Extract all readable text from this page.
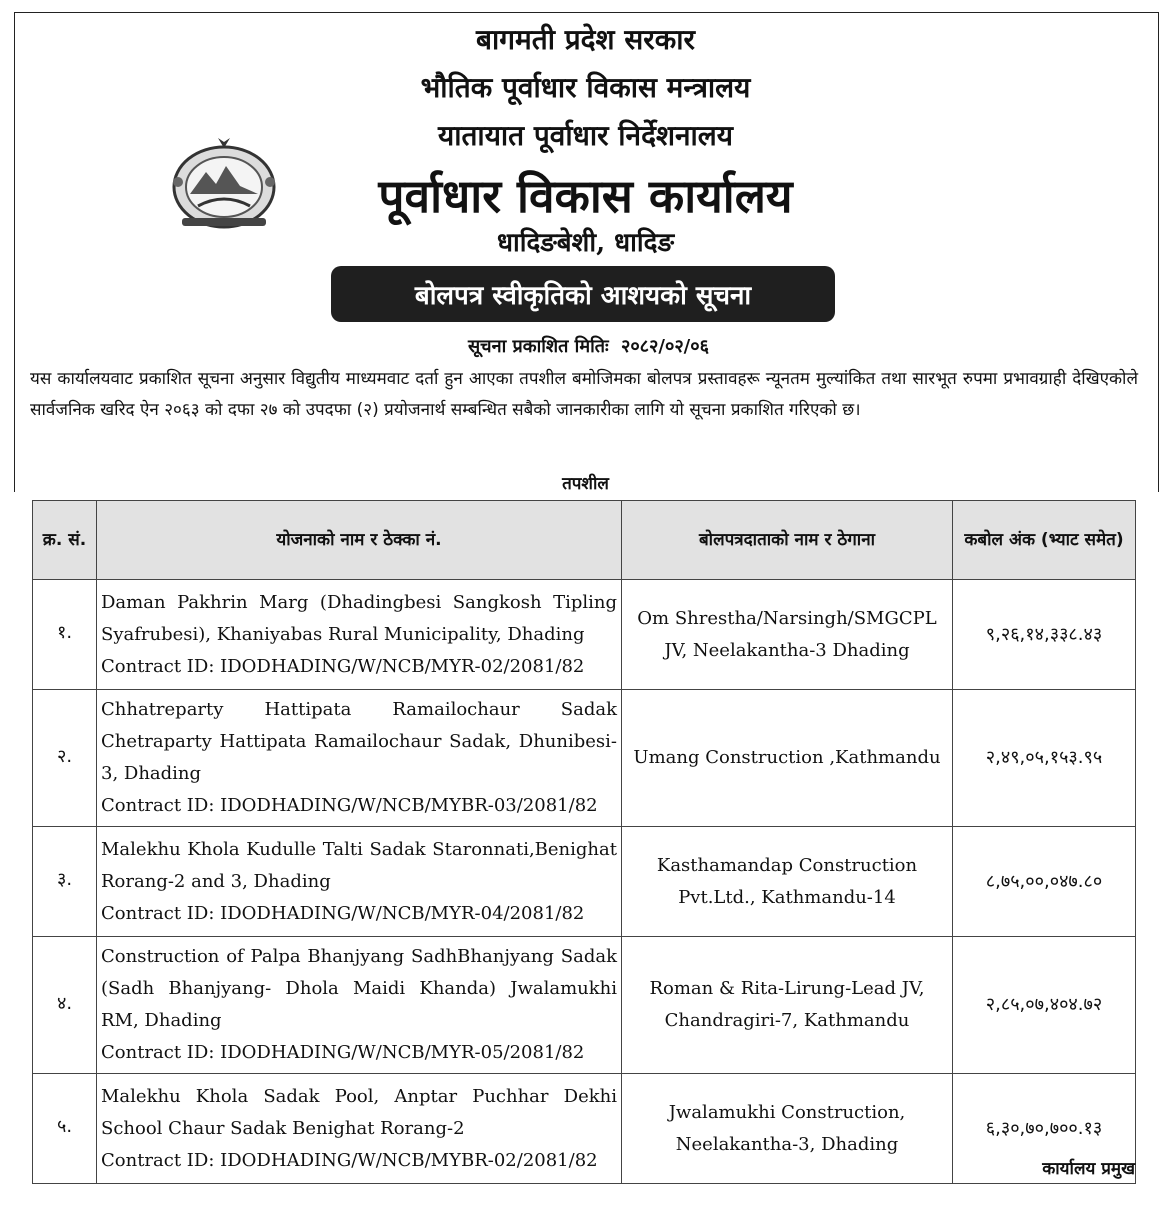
बागमती प्रदेश सरकार
भौतिक पूर्वाधार विकास मन्त्रालय
यातायात पूर्वाधार निर्देशनालय
पूर्वाधार विकास कार्यालय
धादिङबेशी, धादिङ
बोलपत्र स्वीकृतिको आशयको सूचना
सूचना प्रकाशित मितिः २०८२/०२/०६
यस कार्यालयवाट प्रकाशित सूचना अनुसार विद्युतीय माध्यमवाट दर्ता हुन आएका तपशील बमोजिमका बोलपत्र प्रस्तावहरू न्यूनतम मुल्यांकित तथा सारभूत रुपमा प्रभावग्राही देखिएकोले सार्वजनिक खरिद ऐन २०६३ को दफा २७ को उपदफा (२) प्रयोजनार्थ सम्बन्धित सबैको जानकारीका लागि यो सूचना प्रकाशित गरिएको छ।
तपशील
क्र. सं.	योजनाको नाम र ठेक्का नं.	बोलपत्रदाताको नाम र ठेगाना	कबोल अंक (भ्याट समेत)
१.	Daman Pakhrin Marg (Dhadingbesi Sangkosh Tipling Syafrubesi), Khaniyabas Rural Municipality, Dhading
Contract ID: IDODHADING/W/NCB/MYR-02/2081/82	Om Shrestha/Narsingh/SMGCPL JV, Neelakantha-3 Dhading	९,२६,१४,३३८.४३
२.	Chhatreparty Hattipata Ramailochaur Sadak Chetraparty Hattipata Ramailochaur Sadak, Dhunibesi-3, Dhading
Contract ID: IDODHADING/W/NCB/MYBR-03/2081/82	Umang Construction ,Kathmandu	२,४९,०५,१५३.९५
३.	Malekhu Khola Kudulle Talti Sadak Staronnati,Benighat Rorang-2 and 3, Dhading
Contract ID: IDODHADING/W/NCB/MYR-04/2081/82	Kasthamandap Construction Pvt.Ltd., Kathmandu-14	८,७५,००,०४७.८०
४.	Construction of Palpa Bhanjyang SadhBhanjyang Sadak (Sadh Bhanjyang- Dhola Maidi Khanda) Jwalamukhi RM, Dhading
Contract ID: IDODHADING/W/NCB/MYR-05/2081/82	Roman & Rita-Lirung-Lead JV, Chandragiri-7, Kathmandu	२,८५,०७,४०४.७२
५.	Malekhu Khola Sadak Pool, Anptar Puchhar Dekhi School Chaur Sadak Benighat Rorang-2
Contract ID: IDODHADING/W/NCB/MYBR-02/2081/82	Jwalamukhi Construction, Neelakantha-3, Dhading	६,३०,७०,७००.१३
कार्यालय प्रमुख
